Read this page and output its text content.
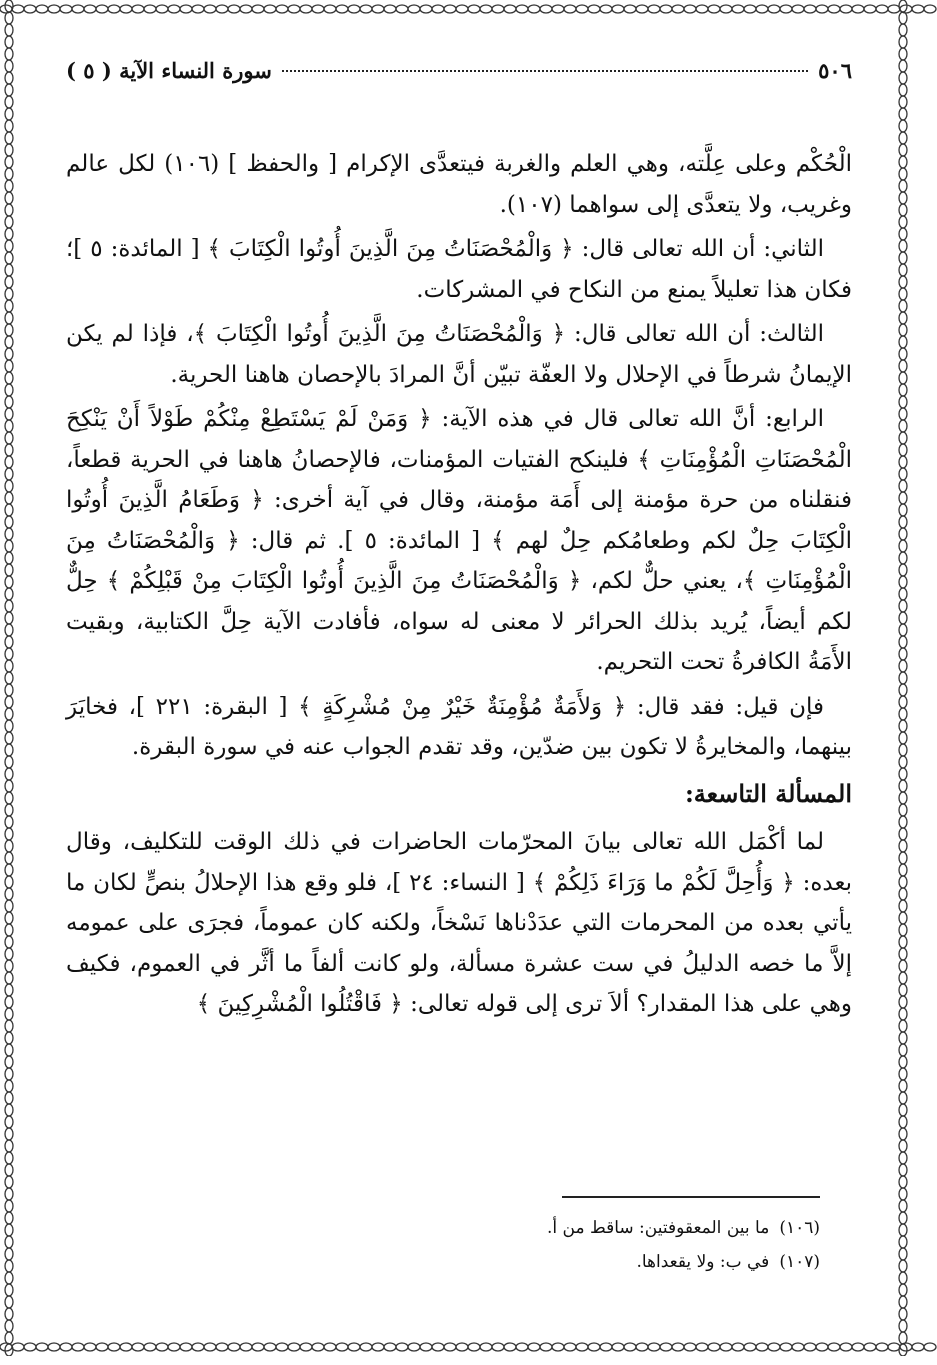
٥٠٦
سورة النساء الآية ( ٥ )

الْحُكْم وعلى عِلَّته، وهي العلم والغربة فيتعدَّى الإكرام [ والحفظ ] (١٠٦) لكل عالم وغريب، ولا يتعدَّى إلى سواهما (١٠٧).

الثاني: أن الله تعالى قال: ﴿ وَالْمُحْصَنَاتُ مِنَ الَّذِينَ أُوتُوا الْكِتَابَ ﴾ [ المائدة: ٥ ]؛ فكان هذا تعليلاً يمنع من النكاح في المشركات.

الثالث: أن الله تعالى قال: ﴿ وَالْمُحْصَنَاتُ مِنَ الَّذِينَ أُوتُوا الْكِتَابَ ﴾، فإذا لم يكن الإيمانُ شرطاً في الإحلال ولا العفّة تبيّن أنَّ المرادَ بالإحصان هاهنا الحرية.

الرابع: أنَّ الله تعالى قال في هذه الآية: ﴿ وَمَنْ لَمْ يَسْتَطِعْ مِنْكُمْ طَوْلاً أَنْ يَنْكِحَ الْمُحْصَنَاتِ الْمُؤْمِنَاتِ ﴾ فلينكح الفتيات المؤمنات، فالإحصانُ هاهنا في الحرية قطعاً، فنقلناه من حرة مؤمنة إلى أَمَة مؤمنة، وقال في آية أخرى: ﴿ وَطَعَامُ الَّذِينَ أُوتُوا الْكِتَابَ حِلٌ لكم وطعامُكم حِلٌ لهم ﴾ [ المائدة: ٥ ]. ثم قال: ﴿ وَالْمُحْصَنَاتُ مِنَ الْمُؤْمِنَاتِ ﴾، يعني حلٌّ لكم، ﴿ وَالْمُحْصَنَاتُ مِنَ الَّذِينَ أُوتُوا الْكِتَابَ مِنْ قَبْلِكُمْ ﴾ حِلٌّ لكم أيضاً، يُريد بذلك الحرائر لا معنى له سواه، فأفادت الآية حِلَّ الكتابية، وبقيت الأَمَةُ الكافرةُ تحت التحريم.

فإن قيل: فقد قال: ﴿ وَلأَمَةٌ مُؤْمِنَةٌ خَيْرٌ مِنْ مُشْرِكَةٍ ﴾ [ البقرة: ٢٢١ ]، فخايَرَ بينهما، والمخايرةُ لا تكون بين ضدّين، وقد تقدم الجواب عنه في سورة البقرة.

المسألة التاسعة:

لما أكْمَل الله تعالى بيانَ المحرّمات الحاضرات في ذلك الوقت للتكليف، وقال بعده: ﴿ وَأُحِلَّ لَكُمْ ما وَرَاءَ ذَلِكُمْ ﴾ [ النساء: ٢٤ ]، فلو وقع هذا الإحلالُ بنصٍّ لكان ما يأتي بعده من المحرمات التي عدَدْناها نَسْخاً، ولكنه كان عموماً، فجرَى على عمومه إلاَّ ما خصه الدليلُ في ست عشرة مسألة، ولو كانت ألفاً ما أثَّر في العموم، فكيف وهي على هذا المقدار؟ ألاَ ترى إلى قوله تعالى: ﴿ فَاقْتُلُوا الْمُشْرِكِينَ ﴾

(١٠٦)
ما بين المعقوفتين: ساقط من أ.
(١٠٧)
في ب: ولا يقعداها.
